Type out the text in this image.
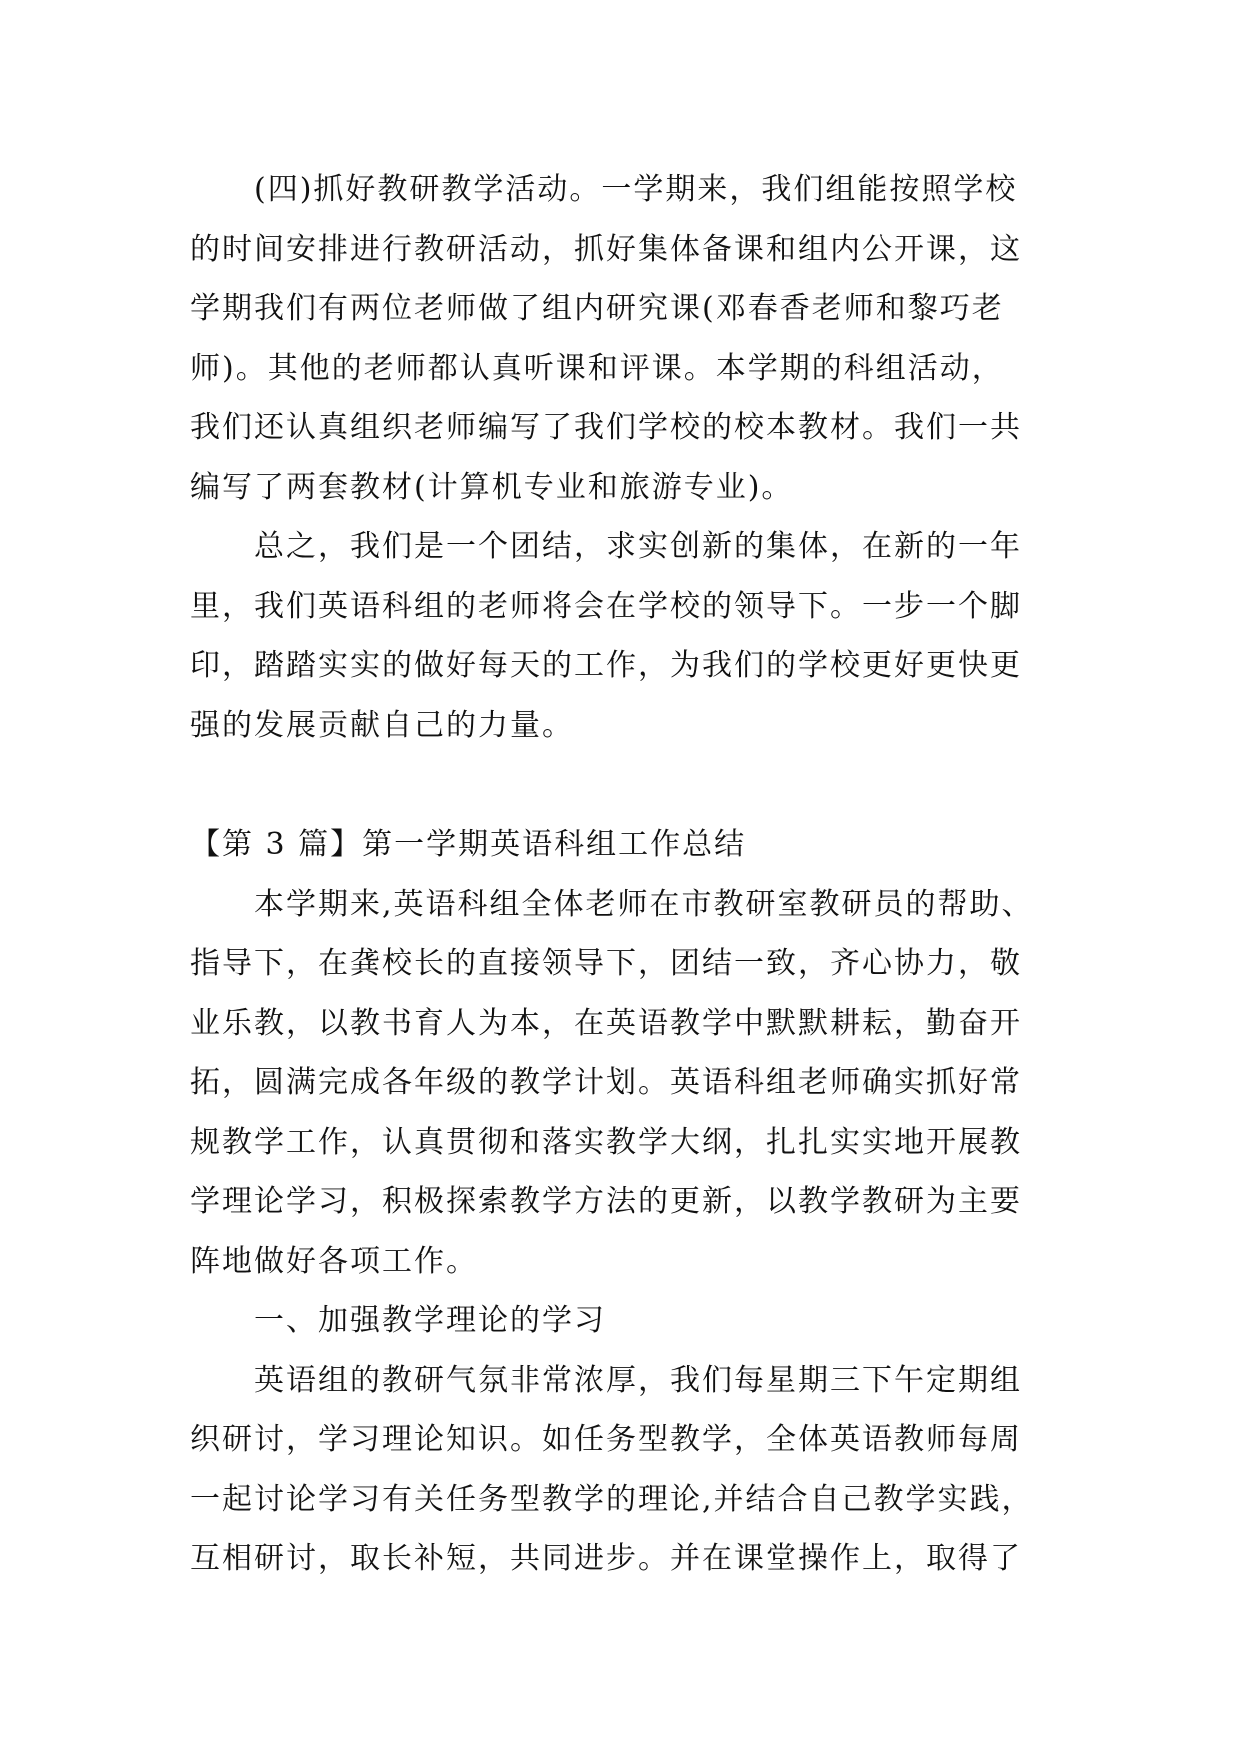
(四)抓好教研教学活动。一学期来，我们组能按照学校
的时间安排进行教研活动，抓好集体备课和组内公开课，这
学期我们有两位老师做了组内研究课(邓春香老师和黎巧老
师)。其他的老师都认真听课和评课。本学期的科组活动，
我们还认真组织老师编写了我们学校的校本教材。我们一共
编写了两套教材(计算机专业和旅游专业)。
总之，我们是一个团结，求实创新的集体，在新的一年
里，我们英语科组的老师将会在学校的领导下。一步一个脚
印，踏踏实实的做好每天的工作，为我们的学校更好更快更
强的发展贡献自己的力量。
【第 3 篇】第一学期英语科组工作总结
本学期来,英语科组全体老师在市教研室教研员的帮助、
指导下，在龚校长的直接领导下，团结一致，齐心协力，敬
业乐教，以教书育人为本，在英语教学中默默耕耘，勤奋开
拓，圆满完成各年级的教学计划。英语科组老师确实抓好常
规教学工作，认真贯彻和落实教学大纲，扎扎实实地开展教
学理论学习，积极探索教学方法的更新，以教学教研为主要
阵地做好各项工作。
一、加强教学理论的学习
英语组的教研气氛非常浓厚，我们每星期三下午定期组
织研讨，学习理论知识。如任务型教学，全体英语教师每周
一起讨论学习有关任务型教学的理论,并结合自己教学实践，
互相研讨，取长补短，共同进步。并在课堂操作上，取得了
